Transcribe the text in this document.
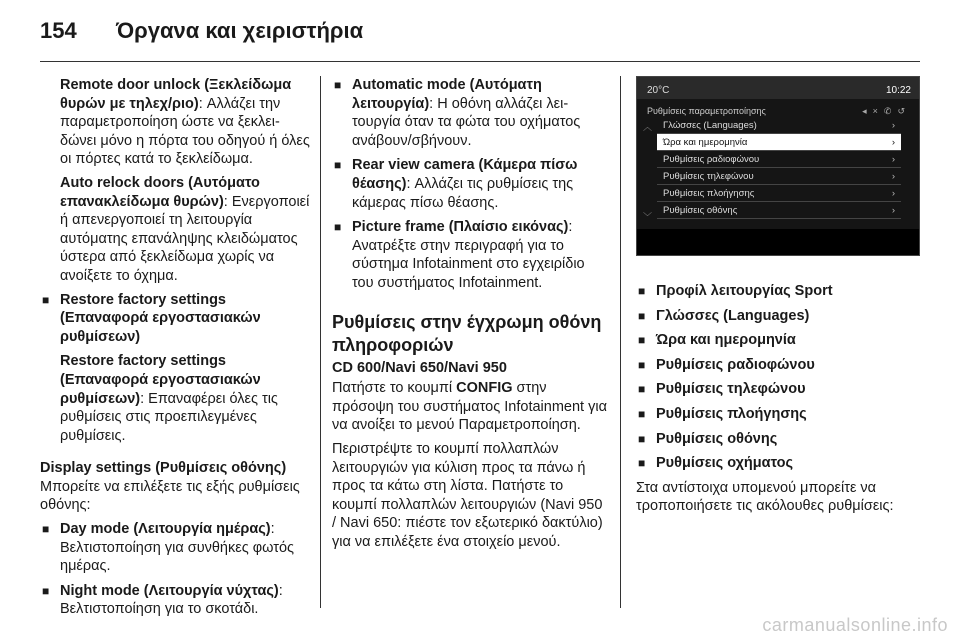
154 Όργανα και χειριστήρια
Remote door unlock (Ξεκλείδωμα θυρών με τηλεχ/ριο): Αλλάζει την παραμετροποίηση ώστε να ξεκλειδώνει μόνο η πόρτα του οδηγού ή όλες οι πόρτες κατά το ξεκλείδωμα.
Auto relock doors (Αυτόματο επανακλείδωμα θυρών): Ενεργοποιεί ή απενεργοποιεί τη λειτουργία αυτόματης επανάληψης κλειδώματος ύστερα από ξεκλείδωμα χωρίς να ανοίξετε το όχημα.
■ Restore factory settings (Επαναφορά εργοστασιακών ρυθμίσεων)
Restore factory settings (Επαναφορά εργοστασιακών ρυθμίσεων): Επαναφέρει όλες τις ρυθμίσεις στις προεπιλεγμένες ρυθμίσεις.
Display settings (Ρυθμίσεις οθόνης)
Μπορείτε να επιλέξετε τις εξής ρυθμίσεις οθόνης:
■ Day mode (Λειτουργία ημέρας): Βελτιστοποίηση για συνθήκες φωτός ημέρας.
■ Night mode (Λειτουργία νύχτας): Βελτιστοποίηση για το σκοτάδι.
■ Automatic mode (Αυτόματη λειτουργία): Η οθόνη αλλάζει λειτουργία όταν τα φώτα του οχήματος ανάβουν/σβήνουν.
■ Rear view camera (Κάμερα πίσω θέασης): Αλλάζει τις ρυθμίσεις της κάμερας πίσω θέασης.
■ Picture frame (Πλαίσιο εικόνας): Ανατρέξτε στην περιγραφή για το σύστημα Infotainment στο εγχειρίδιο του συστήματος Infotainment.
Ρυθμίσεις στην έγχρωμη οθόνη πληροφοριών
CD 600/Navi 650/Navi 950
Πατήστε το κουμπί CONFIG στην πρόσοψη του συστήματος Infotainment για να ανοίξει το μενού Παραμετροποίηση.
Περιστρέψτε το κουμπί πολλαπλών λειτουργιών για κύλιση προς τα πάνω ή προς τα κάτω στη λίστα. Πατήστε το κουμπί πολλαπλών λειτουργιών (Navi 950 / Navi 650: πιέστε τον εξωτερικό δακτύλιο) για να επιλέξετε ένα στοιχείο μενού.
20°C	10:22
Ρυθμίσεις παραμετροποίησης	◂×✆↺
︿
﹀
Γλώσσες (Languages)	›
Ώρα και ημερομηνία	›
Ρυθμίσεις ραδιοφώνου	›
Ρυθμίσεις τηλεφώνου	›
Ρυθμίσεις πλοήγησης	›
Ρυθμίσεις οθόνης	›
■ Προφίλ λειτουργίας Sport
■ Γλώσσες (Languages)
■ Ώρα και ημερομηνία
■ Ρυθμίσεις ραδιοφώνου
■ Ρυθμίσεις τηλεφώνου
■ Ρυθμίσεις πλοήγησης
■ Ρυθμίσεις οθόνης
■ Ρυθμίσεις οχήματος
Στα αντίστοιχα υπομενού μπορείτε να τροποποιήσετε τις ακόλουθες ρυθμίσεις:
carmanualsonline.info
